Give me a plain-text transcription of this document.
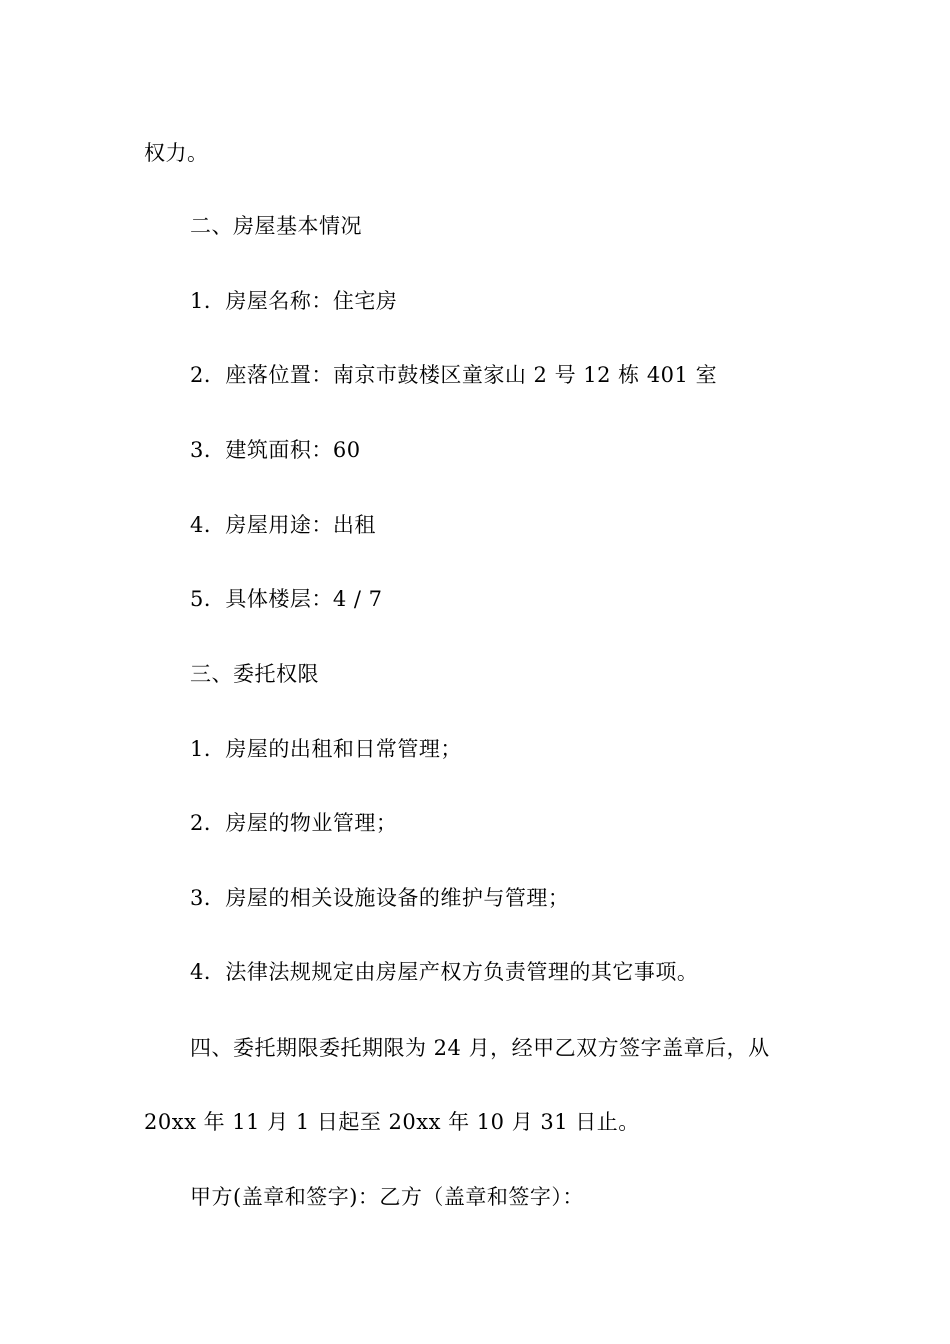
权力。
二、房屋基本情况
1．房屋名称：住宅房
2．座落位置：南京市鼓楼区童家山 2 号 12 栋 401 室
3．建筑面积：60
4．房屋用途：出租
5．具体楼层：4 / 7
三、委托权限
1．房屋的出租和日常管理；
2．房屋的物业管理；
3．房屋的相关设施设备的维护与管理；
4．法律法规规定由房屋产权方负责管理的其它事项。
四、委托期限委托期限为 24 月，经甲乙双方签字盖章后，从
20xx 年 11 月 1 日起至 20xx 年 10 月 31 日止。
甲方(盖章和签字)：乙方（盖章和签字）：
